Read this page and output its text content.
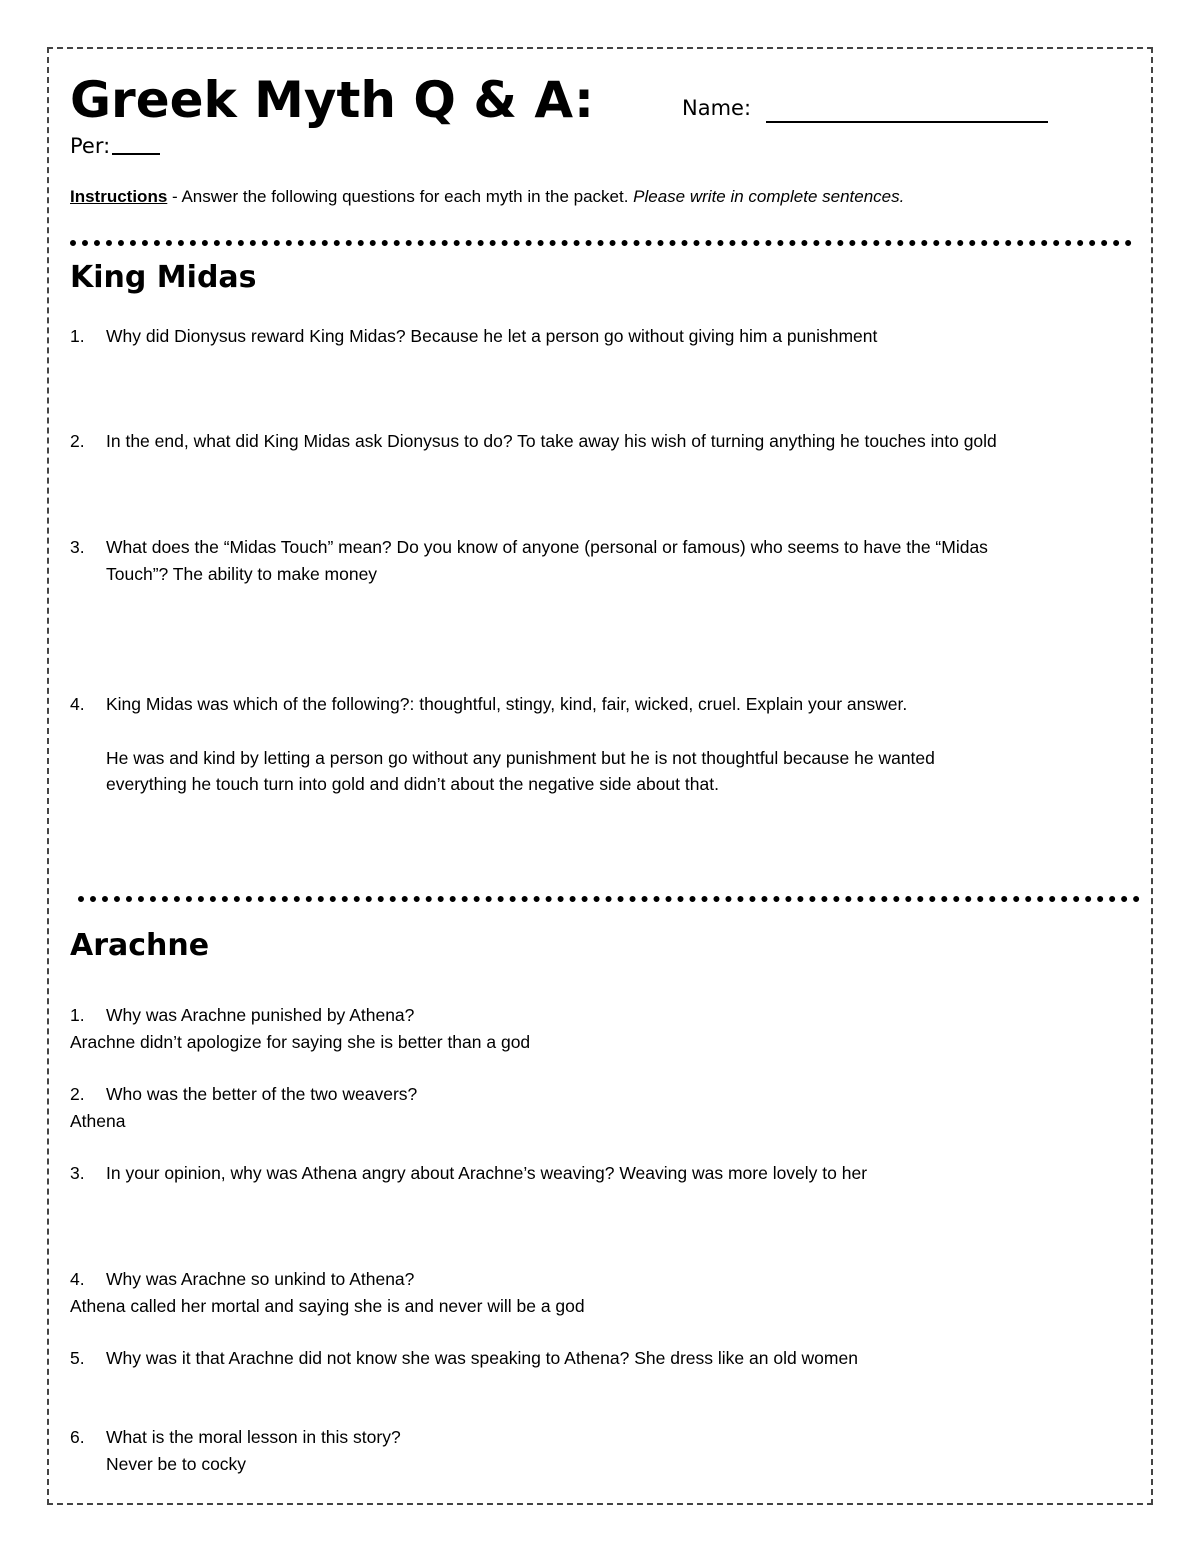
Greek Myth Q & A:	Name:
Per:
Instructions - Answer the following questions for each myth in the packet. Please write in complete sentences.
King Midas
1. Why did Dionysus reward King Midas? Because he let a person go without giving him a punishment
2. In the end, what did King Midas ask Dionysus to do? To take away his wish of turning anything he touches into gold
3. What does the “Midas Touch” mean? Do you know of anyone (personal or famous) who seems to have the “Midas
Touch”? The ability to make money
4. King Midas was which of the following?: thoughtful, stingy, kind, fair, wicked, cruel. Explain your answer.
He was and kind by letting a person go without any punishment but he is not thoughtful because he wanted
everything he touch turn into gold and didn’t about the negative side about that.
Arachne
1. Why was Arachne punished by Athena?
Arachne didn’t apologize for saying she is better than a god
2. Who was the better of the two weavers?
Athena
3. In your opinion, why was Athena angry about Arachne’s weaving? Weaving was more lovely to her
4. Why was Arachne so unkind to Athena?
Athena called her mortal and saying she is and never will be a god
5. Why was it that Arachne did not know she was speaking to Athena? She dress like an old women
6. What is the moral lesson in this story?
Never be to cocky
